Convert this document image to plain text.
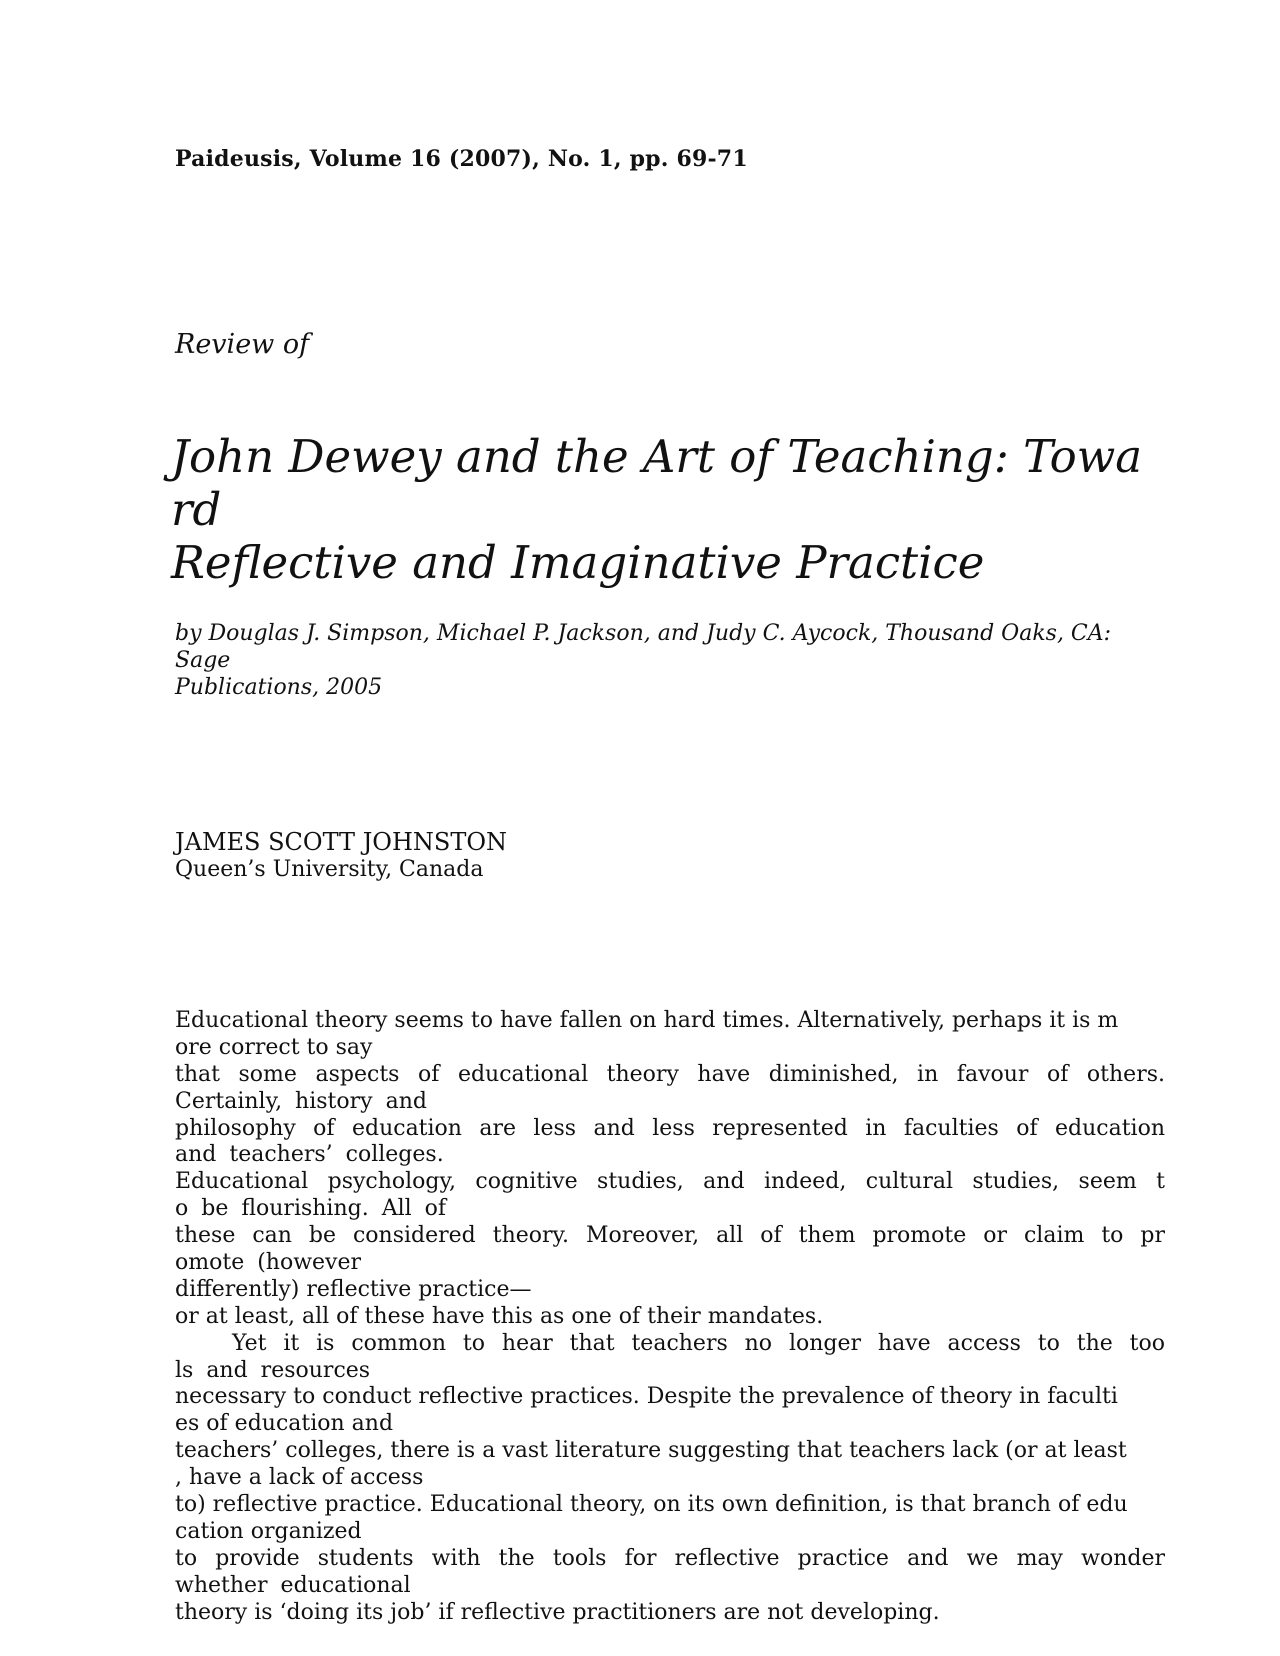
Paideusis, Volume 16 (2007), No. 1, pp. 69-71
Review of
John Dewey and the Art of Teaching: Towa
rd
Reflective and Imaginative Practice
by Douglas J. Simpson, Michael P. Jackson, and Judy C. Aycock, Thousand Oaks, CA:
Sage
Publications, 2005
JAMES SCOTT JOHNSTON
Queen’s University, Canada
Educational theory seems to have fallen on hard times. Alternatively, perhaps it is m
ore correct to say
that some aspects of educational theory have diminished, in favour of others.
Certainly, history and
philosophy of education are less and less represented in faculties of education
and teachers’ colleges.
Educational psychology, cognitive studies, and indeed, cultural studies, seem t
o be flourishing. All of
these can be considered theory. Moreover, all of them promote or claim to pr
omote (however
differently) reflective practice—
or at least, all of these have this as one of their mandates.
Yet it is common to hear that teachers no longer have access to the too
ls and resources
necessary to conduct reflective practices. Despite the prevalence of theory in faculti
es of education and
teachers’ colleges, there is a vast literature suggesting that teachers lack (or at least
, have a lack of access
to) reflective practice. Educational theory, on its own definition, is that branch of edu
cation organized
to provide students with the tools for reflective practice and we may wonder
whether educational
theory is ‘doing its job’ if reflective practitioners are not developing.
